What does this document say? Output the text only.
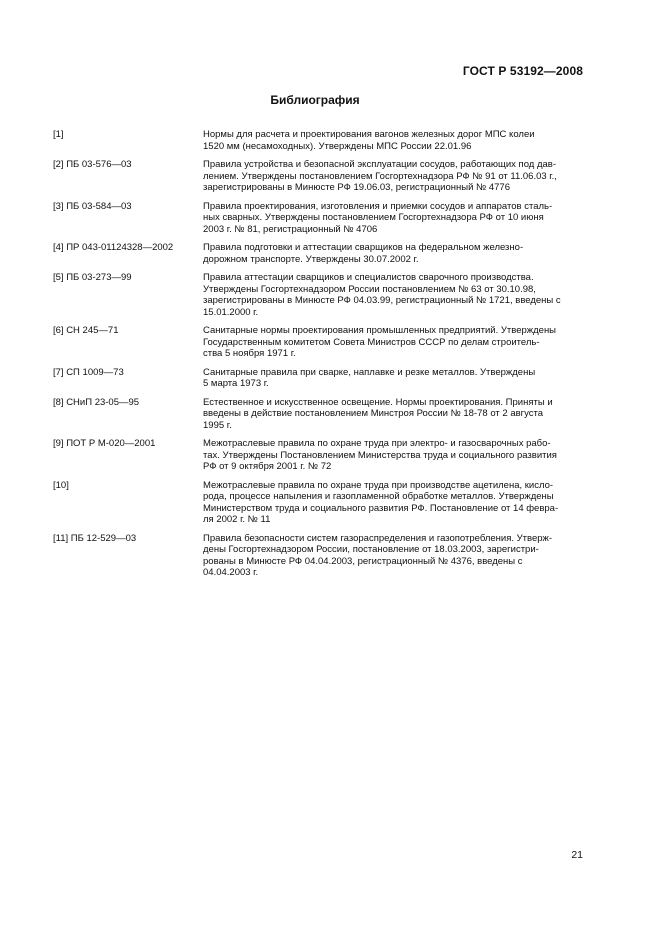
ГОСТ Р 53192—2008
Библиография
[1]	Нормы для расчета и проектирования вагонов железных дорог МПС колеи
1520 мм (несамоходных). Утверждены МПС России 22.01.96
[2] ПБ 03-576—03	Правила устройства и безопасной эксплуатации сосудов, работающих под дав-
лением. Утверждены постановлением Госгортехнадзора РФ № 91 от 11.06.03 г.,
зарегистрированы в Минюсте РФ 19.06.03, регистрационный № 4776
[3] ПБ 03-584—03	Правила проектирования, изготовления и приемки сосудов и аппаратов сталь-
ных сварных. Утверждены постановлением Госгортехнадзора РФ от 10 июня
2003 г. № 81, регистрационный № 4706
[4] ПР 043-01124328—2002	Правила подготовки и аттестации сварщиков на федеральном железно-
дорожном транспорте. Утверждены 30.07.2002 г.
[5] ПБ 03-273—99	Правила аттестации сварщиков и специалистов сварочного производства.
Утверждены Госгортехнадзором России постановлением № 63 от 30.10.98,
зарегистрированы в Минюсте РФ 04.03.99, регистрационный № 1721, введены с
15.01.2000 г.
[6] СН 245—71	Санитарные нормы проектирования промышленных предприятий. Утверждены
Государственным комитетом Совета Министров СССР по делам строитель-
ства 5 ноября 1971 г.
[7] СП 1009—73	Санитарные правила при сварке, наплавке и резке металлов. Утверждены
5 марта 1973 г.
[8] СНиП 23-05—95	Естественное и искусственное освещение. Нормы проектирования. Приняты и
введены в действие постановлением Минстроя России № 18-78 от 2 августа
1995 г.
[9] ПОТ Р М-020—2001	Межотраслевые правила по охране труда при электро- и газосварочных рабо-
тах. Утверждены Постановлением Министерства труда и социального развития
РФ от 9 октября 2001 г. № 72
[10]	Межотраслевые правила по охране труда при производстве ацетилена, кисло-
рода, процессе напыления и газопламенной обработке металлов. Утверждены
Министерством труда и социального развития РФ. Постановление от 14 февра-
ля 2002 г. № 11
[11] ПБ 12-529—03	Правила безопасности систем газораспределения и газопотребления. Утверж-
дены Госгортехнадзором России, постановление от 18.03.2003, зарегистри-
рованы в Минюсте РФ 04.04.2003, регистрационный № 4376, введены с
04.04.2003 г.
21
